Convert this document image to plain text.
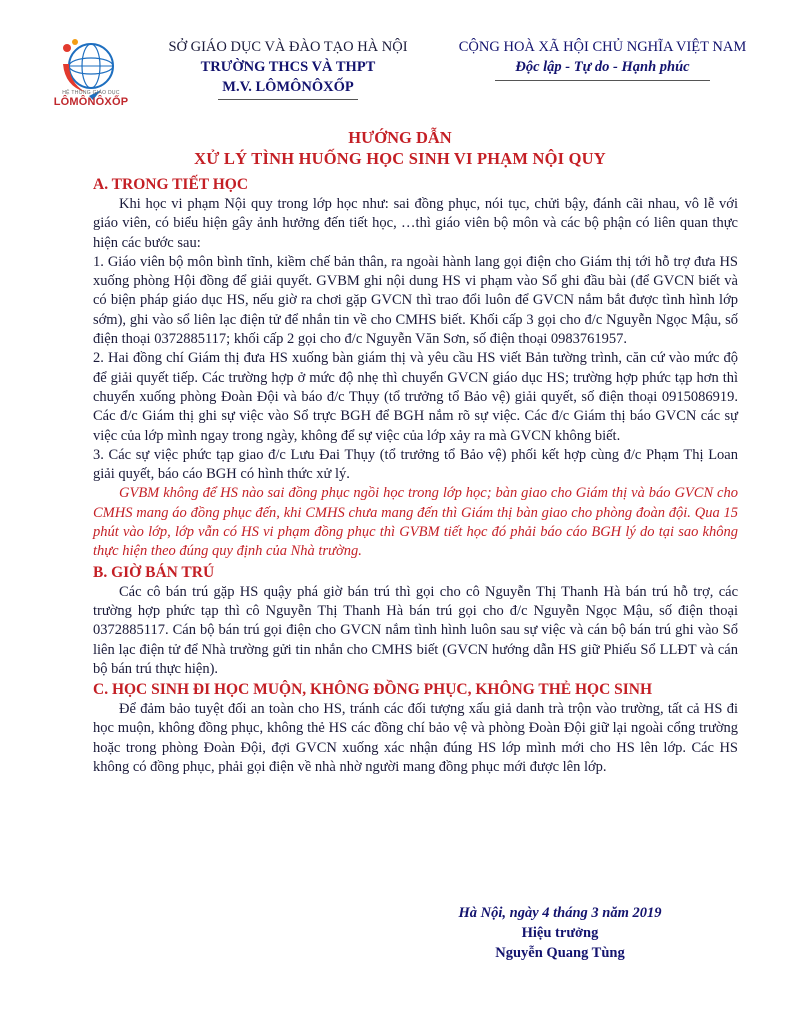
HỆ THỐNG GIÁO DỤC
LÔMÔNÔXỐP
SỞ GIÁO DỤC VÀ ĐÀO TẠO HÀ NỘI
TRƯỜNG THCS VÀ THPT
M.V. LÔMÔNÔXỐP
CỘNG HOÀ XÃ HỘI CHỦ NGHĨA VIỆT NAM
Độc lập - Tự do - Hạnh phúc
HƯỚNG DẪN
XỬ LÝ TÌNH HUỐNG HỌC SINH VI PHẠM NỘI QUY
A. TRONG TIẾT HỌC

Khi học vi phạm Nội quy trong lớp học như: sai đồng phục, nói tục, chửi bậy, đánh cãi nhau, vô lễ với giáo viên, có biểu hiện gây ảnh hưởng đến tiết học, …thì giáo viên bộ môn và các bộ phận có liên quan thực hiện các bước sau:

1. Giáo viên bộ môn bình tĩnh, kiềm chế bản thân, ra ngoài hành lang gọi điện cho Giám thị tới hỗ trợ đưa HS xuống phòng Hội đồng để giải quyết. GVBM ghi nội dung HS vi phạm vào Sổ ghi đầu bài (để GVCN biết và có biện pháp giáo dục HS, nếu giờ ra chơi gặp GVCN thì trao đổi luôn để GVCN nắm bắt được tình hình lớp sớm), ghi vào sổ liên lạc điện tử để nhắn tin về cho CMHS biết. Khối cấp 3 gọi cho đ/c Nguyễn Ngọc Mậu, số điện thoại 0372885117; khối cấp 2 gọi cho đ/c Nguyễn Văn Sơn, số điện thoại 0983761957.

2. Hai đồng chí Giám thị đưa HS xuống bàn giám thị và yêu cầu HS viết Bản tường trình, căn cứ vào mức độ để giải quyết tiếp. Các trường hợp ở mức độ nhẹ thì chuyển GVCN giáo dục HS; trường hợp phức tạp hơn thì chuyển xuống phòng Đoàn Đội và báo đ/c Thụy (tổ trưởng tổ Bảo vệ) giải quyết, số điện thoại 0915086919. Các đ/c Giám thị ghi sự việc vào Sổ trực BGH để BGH nắm rõ sự việc. Các đ/c Giám thị báo GVCN các sự việc của lớp mình ngay trong ngày, không để sự việc của lớp xảy ra mà GVCN không biết.

3. Các sự việc phức tạp giao đ/c Lưu Đai Thụy (tổ trưởng tổ Bảo vệ) phối kết hợp cùng đ/c Phạm Thị Loan giải quyết, báo cáo BGH có hình thức xử lý.

GVBM không để HS nào sai đồng phục ngồi học trong lớp học; bàn giao cho Giám thị và báo GVCN cho CMHS mang áo đồng phục đến, khi CMHS chưa mang đến thì Giám thị bàn giao cho phòng đoàn đội. Qua 15 phút vào lớp, lớp vẫn có HS vi phạm đồng phục thì GVBM tiết học đó phải báo cáo BGH lý do tại sao không thực hiện theo đúng quy định của Nhà trường.

B. GIỜ BÁN TRÚ

Các cô bán trú gặp HS quậy phá giờ bán trú thì gọi cho cô Nguyễn Thị Thanh Hà bán trú hỗ trợ, các trường hợp phức tạp thì cô Nguyễn Thị Thanh Hà bán trú gọi cho đ/c Nguyễn Ngọc Mậu, số điện thoại 0372885117. Cán bộ bán trú gọi điện cho GVCN nắm tình hình luôn sau sự việc và cán bộ bán trú ghi vào Sổ liên lạc điện tử để Nhà trường gửi tin nhắn cho CMHS biết (GVCN hướng dẫn HS giữ Phiếu Sổ LLĐT và cán bộ bán trú thực hiện).

C. HỌC SINH ĐI HỌC MUỘN, KHÔNG ĐỒNG PHỤC, KHÔNG THẺ HỌC SINH

Để đảm bảo tuyệt đối an toàn cho HS, tránh các đối tượng xấu giả danh trà trộn vào trường, tất cả HS đi học muộn, không đồng phục, không thẻ HS các đồng chí bảo vệ và phòng Đoàn Đội giữ lại ngoài cổng trường hoặc trong phòng Đoàn Đội, đợi GVCN xuống xác nhận đúng HS lớp mình mới cho HS lên lớp. Các HS không có đồng phục, phải gọi điện về nhà nhờ người mang đồng phục mới được lên lớp.

Hà Nội, ngày 4 tháng 3 năm 2019
Hiệu trưởng
Nguyễn Quang Tùng
